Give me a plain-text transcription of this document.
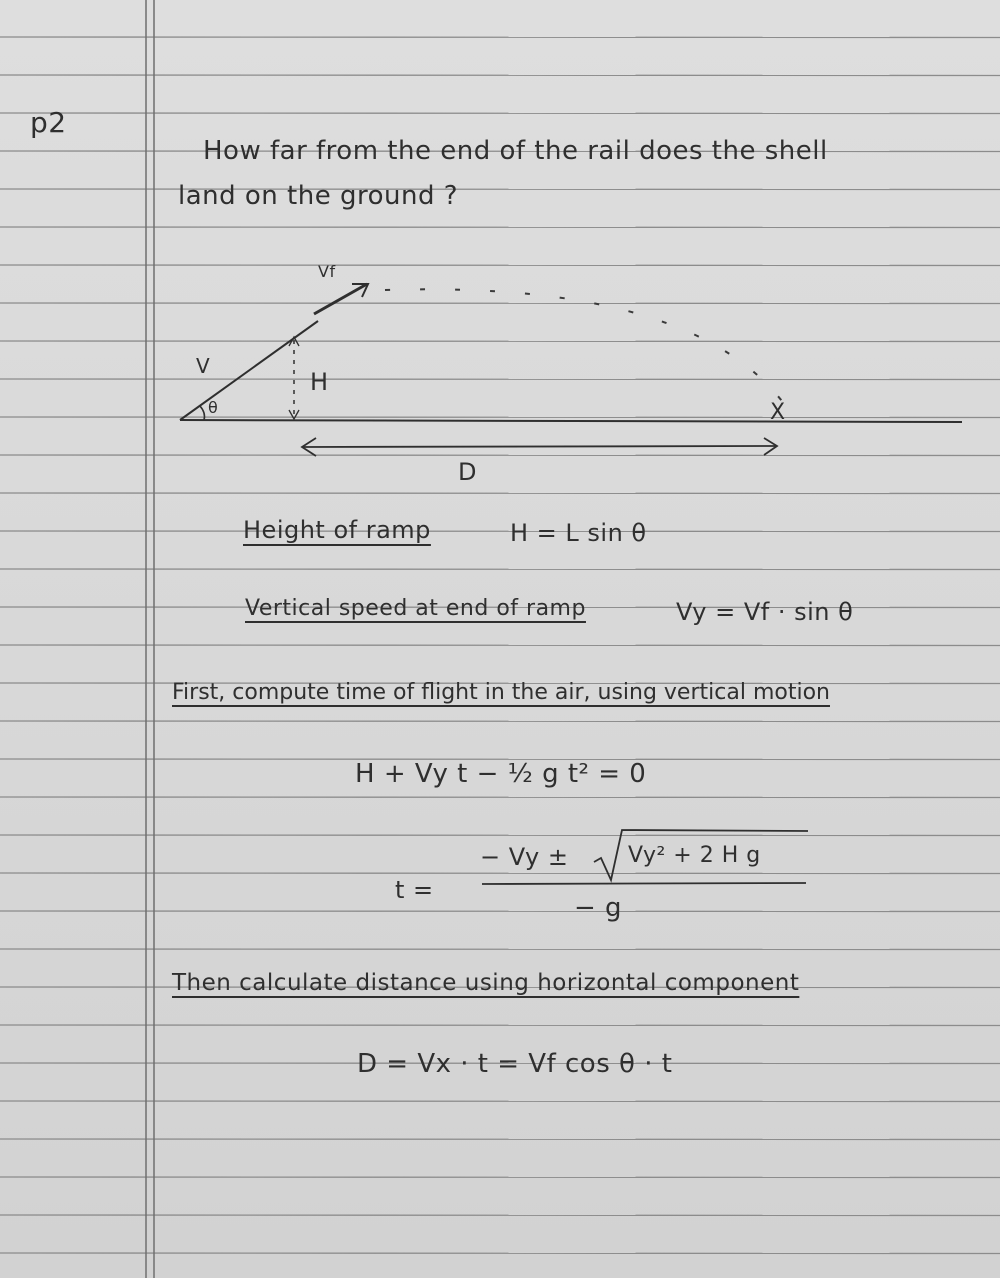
p2
How far from the end of the rail does the shell
land on the ground ?
Vf
V
θ
H
X
D
Height of ramp	H = L sin θ
Vertical speed at end of ramp	Vy = Vf · sin θ
First, compute time of flight in the air, using vertical motion
H + Vy t − ½ g t² = 0
t =
− Vy ±	Vy² + 2 H g
− g
Then calculate distance using horizontal component
D = Vx · t = Vf cos θ · t
